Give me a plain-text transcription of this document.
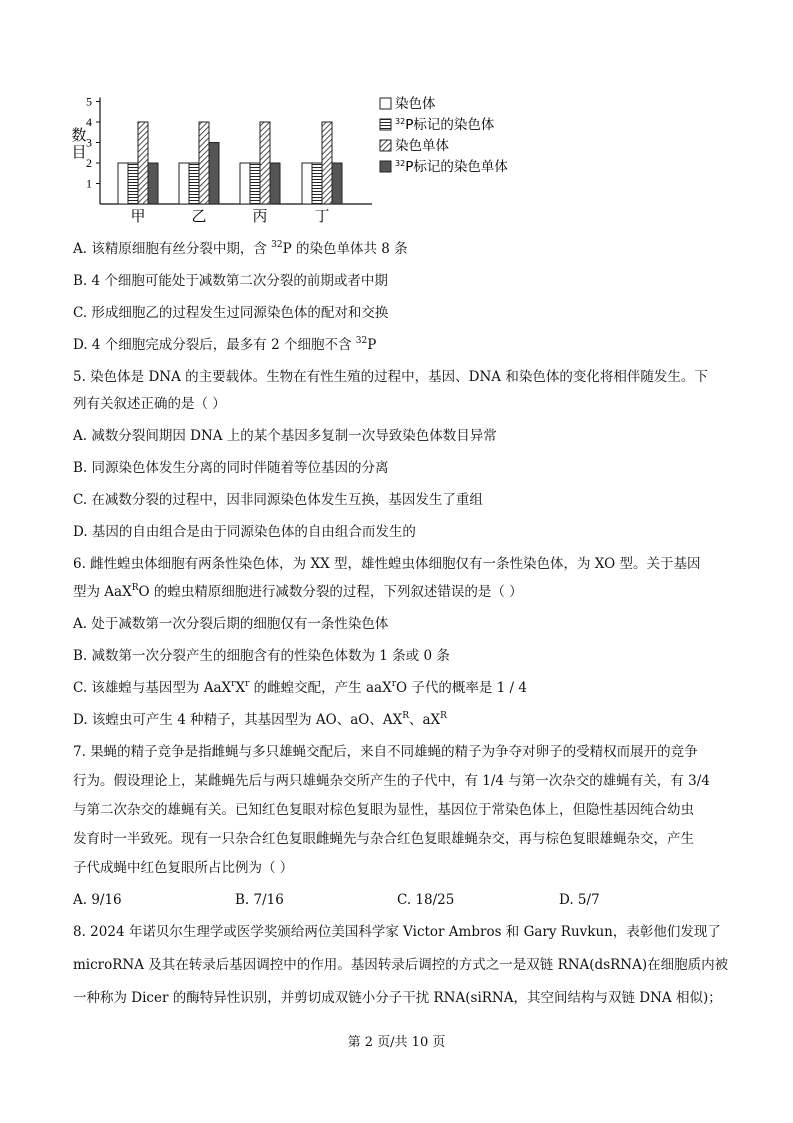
1
2
3
4
5
数
目
甲	乙	丙	丁
染色体
$^{32}$P标记的染色体
染色单体
$^{32}$P标记的染色单体
A. 该精原细胞有丝分裂中期，含 $^{32}$P 的染色单体共 8 条
B. 4 个细胞可能处于减数第二次分裂的前期或者中期
C. 形成细胞乙的过程发生过同源染色体的配对和交换
D. 4 个细胞完成分裂后，最多有 2 个细胞不含 $^{32}$P
5. 染色体是 DNA 的主要载体。生物在有性生殖的过程中，基因、DNA 和染色体的变化将相伴随发生。下
列有关叙述正确的是（ ）
A. 减数分裂间期因 DNA 上的某个基因多复制一次导致染色体数目异常
B. 同源染色体发生分离的同时伴随着等位基因的分离
C. 在减数分裂的过程中，因非同源染色体发生互换，基因发生了重组
D. 基因的自由组合是由于同源染色体的自由组合而发生的
6. 雌性蝗虫体细胞有两条性染色体，为 XX 型，雄性蝗虫体细胞仅有一条性染色体，为 XO 型。关于基因
型为 AaX$^R$O 的蝗虫精原细胞进行减数分裂的过程，下列叙述错误的是（ ）
A. 处于减数第一次分裂后期的细胞仅有一条性染色体
B. 减数第一次分裂产生的细胞含有的性染色体数为 1 条或 0 条
C. 该雄蝗与基因型为 $AaX^rX^r$ 的雌蝗交配，产生 aaX$^r$O 子代的概率是 1 / 4
D. 该蝗虫可产生 4 种精子，其基因型为 AO、aO、$AX^R$、$aX^R$
7. 果蝇的精子竞争是指雌蝇与多只雄蝇交配后，来自不同雄蝇的精子为争夺对卵子的受精权而展开的竞争
行为。假设理论上，某雌蝇先后与两只雄蝇杂交所产生的子代中，有 1/4 与第一次杂交的雄蝇有关，有 3/4
与第二次杂交的雄蝇有关。已知红色复眼对棕色复眼为显性，基因位于常染色体上，但隐性基因纯合幼虫
发育时一半致死。现有一只杂合红色复眼雌蝇先与杂合红色复眼雄蝇杂交，再与棕色复眼雄蝇杂交，产生
子代成蝇中红色复眼所占比例为（ ）
A. 9/16	B. 7/16	C. 18/25	D. 5/7
8. 2024 年诺贝尔生理学或医学奖颁给两位美国科学家 Victor Ambros 和 Gary Ruvkun，表彰他们发现了
microRNA 及其在转录后基因调控中的作用。基因转录后调控的方式之一是双链 RNA(dsRNA)在细胞质内被
一种称为 Dicer 的酶特异性识别，并剪切成双链小分子干扰 RNA(siRNA，其空间结构与双链 DNA 相似)；
第 2 页/共 10 页
